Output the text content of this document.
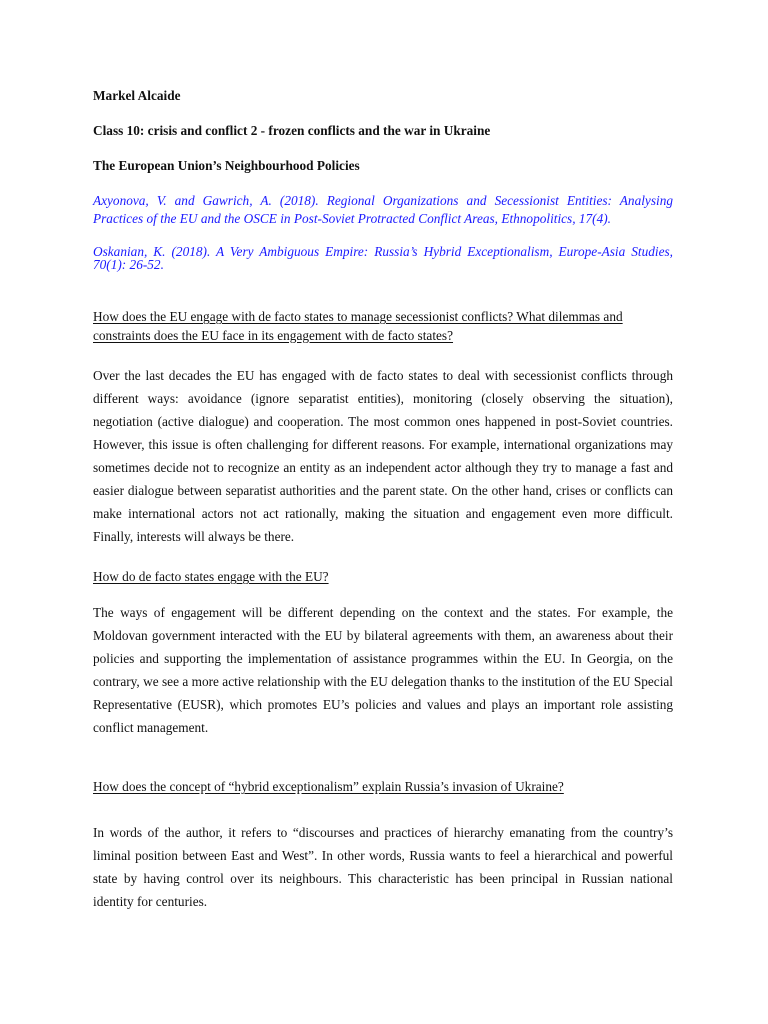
Markel Alcaide

Class 10: crisis and conflict 2 - frozen conflicts and the war in Ukraine

The European Union’s Neighbourhood Policies

Axyonova, V. and Gawrich, A. (2018). Regional Organizations and Secessionist Entities: Analysing Practices of the EU and the OSCE in Post-Soviet Protracted Conflict Areas, Ethnopolitics, 17(4).

Oskanian, K. (2018). A Very Ambiguous Empire: Russia’s Hybrid Exceptionalism, Europe-Asia Studies, 70(1): 26-52.

How does the EU engage with de facto states to manage secessionist conflicts? What dilemmas and constraints does the EU face in its engagement with de facto states?

Over the last decades the EU has engaged with de facto states to deal with secessionist conflicts through different ways: avoidance (ignore separatist entities), monitoring (closely observing the situation), negotiation (active dialogue) and cooperation. The most common ones happened in post-Soviet countries. However, this issue is often challenging for different reasons. For example, international organizations may sometimes decide not to recognize an entity as an independent actor although they try to manage a fast and easier dialogue between separatist authorities and the parent state. On the other hand, crises or conflicts can make international actors not act rationally, making the situation and engagement even more difficult. Finally, interests will always be there.

How do de facto states engage with the EU?

The ways of engagement will be different depending on the context and the states. For example, the Moldovan government interacted with the EU by bilateral agreements with them, an awareness about their policies and supporting the implementation of assistance programmes within the EU. In Georgia, on the contrary, we see a more active relationship with the EU delegation thanks to the institution of the EU Special Representative (EUSR), which promotes EU’s policies and values and plays an important role assisting conflict management.

How does the concept of “hybrid exceptionalism” explain Russia’s invasion of Ukraine?

In words of the author, it refers to “discourses and practices of hierarchy emanating from the country’s liminal position between East and West”. In other words, Russia wants to feel a hierarchical and powerful state by having control over its neighbours. This characteristic has been principal in Russian national identity for centuries.
